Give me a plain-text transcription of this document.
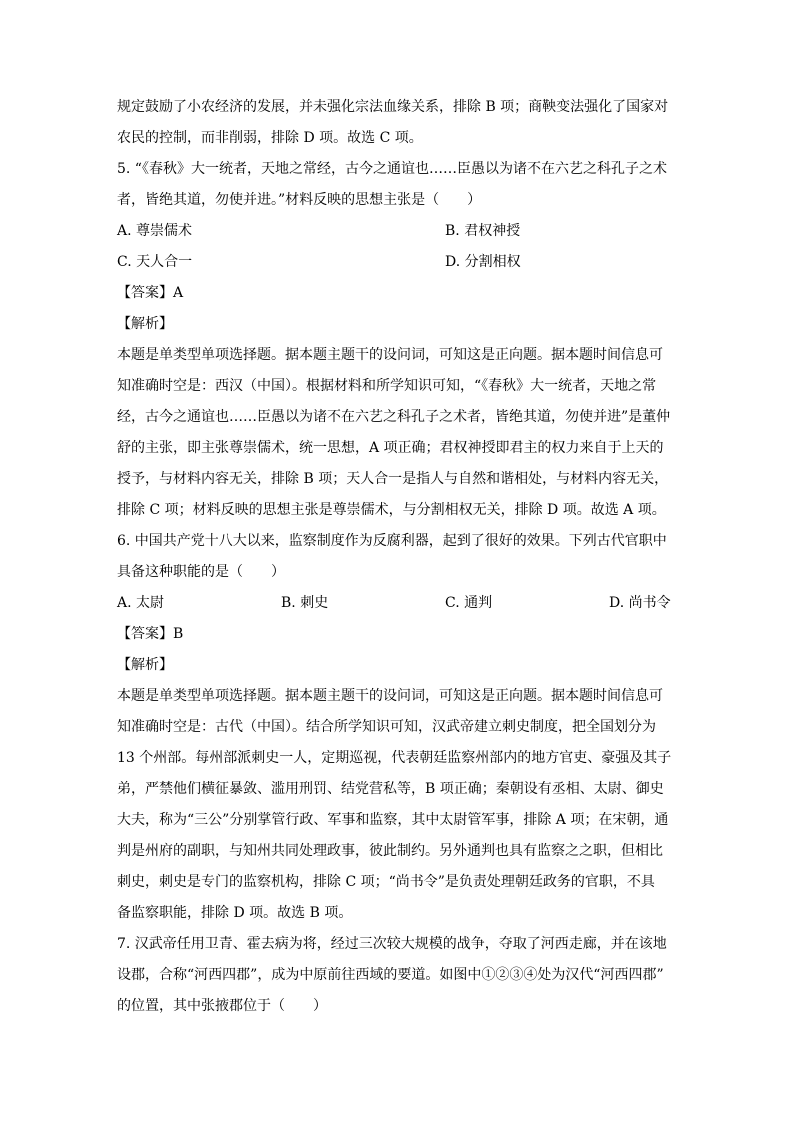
规定鼓励了小农经济的发展，并未强化宗法血缘关系，排除 B 项；商鞅变法强化了国家对

农民的控制，而非削弱，排除 D 项。故选 C 项。

5. “《春秋》大一统者，天地之常经，古今之通谊也……臣愚以为诸不在六艺之科孔子之术

者，皆绝其道，勿使并进。”材料反映的思想主张是（　　）

A. 尊崇儒术	B. 君权神授
C. 天人合一	D. 分割相权

【答案】A

【解析】

本题是单类型单项选择题。据本题主题干的设问词，可知这是正向题。据本题时间信息可

知准确时空是：西汉（中国）。根据材料和所学知识可知，“《春秋》大一统者，天地之常

经，古今之通谊也……臣愚以为诸不在六艺之科孔子之术者，皆绝其道，勿使并进”是董仲

舒的主张，即主张尊崇儒术，统一思想，A 项正确；君权神授即君主的权力来自于上天的

授予，与材料内容无关，排除 B 项；天人合一是指人与自然和谐相处，与材料内容无关，

排除 C 项；材料反映的思想主张是尊崇儒术，与分割相权无关，排除 D 项。故选 A 项。

6. 中国共产党十八大以来，监察制度作为反腐利器，起到了很好的效果。下列古代官职中

具备这种职能的是（　　）

A. 太尉	B. 刺史	C. 通判	D. 尚书令

【答案】B

【解析】

本题是单类型单项选择题。据本题主题干的设问词，可知这是正向题。据本题时间信息可

知准确时空是：古代（中国）。结合所学知识可知，汉武帝建立刺史制度，把全国划分为

13 个州部。每州部派刺史一人，定期巡视，代表朝廷监察州部内的地方官吏、豪强及其子

弟，严禁他们横征暴敛、滥用刑罚、结党营私等，B 项正确；秦朝设有丞相、太尉、御史

大夫，称为“三公”分别掌管行政、军事和监察，其中太尉管军事，排除 A 项；在宋朝，通

判是州府的副职，与知州共同处理政事，彼此制约。另外通判也具有监察之之职，但相比

刺史，刺史是专门的监察机构，排除 C 项；“尚书令”是负责处理朝廷政务的官职，不具

备监察职能，排除 D 项。故选 B 项。

7. 汉武帝任用卫青、霍去病为将，经过三次较大规模的战争，夺取了河西走廊，并在该地

设郡，合称“河西四郡”，成为中原前往西域的要道。如图中①②③④处为汉代“河西四郡”

的位置，其中张掖郡位于（　　）
